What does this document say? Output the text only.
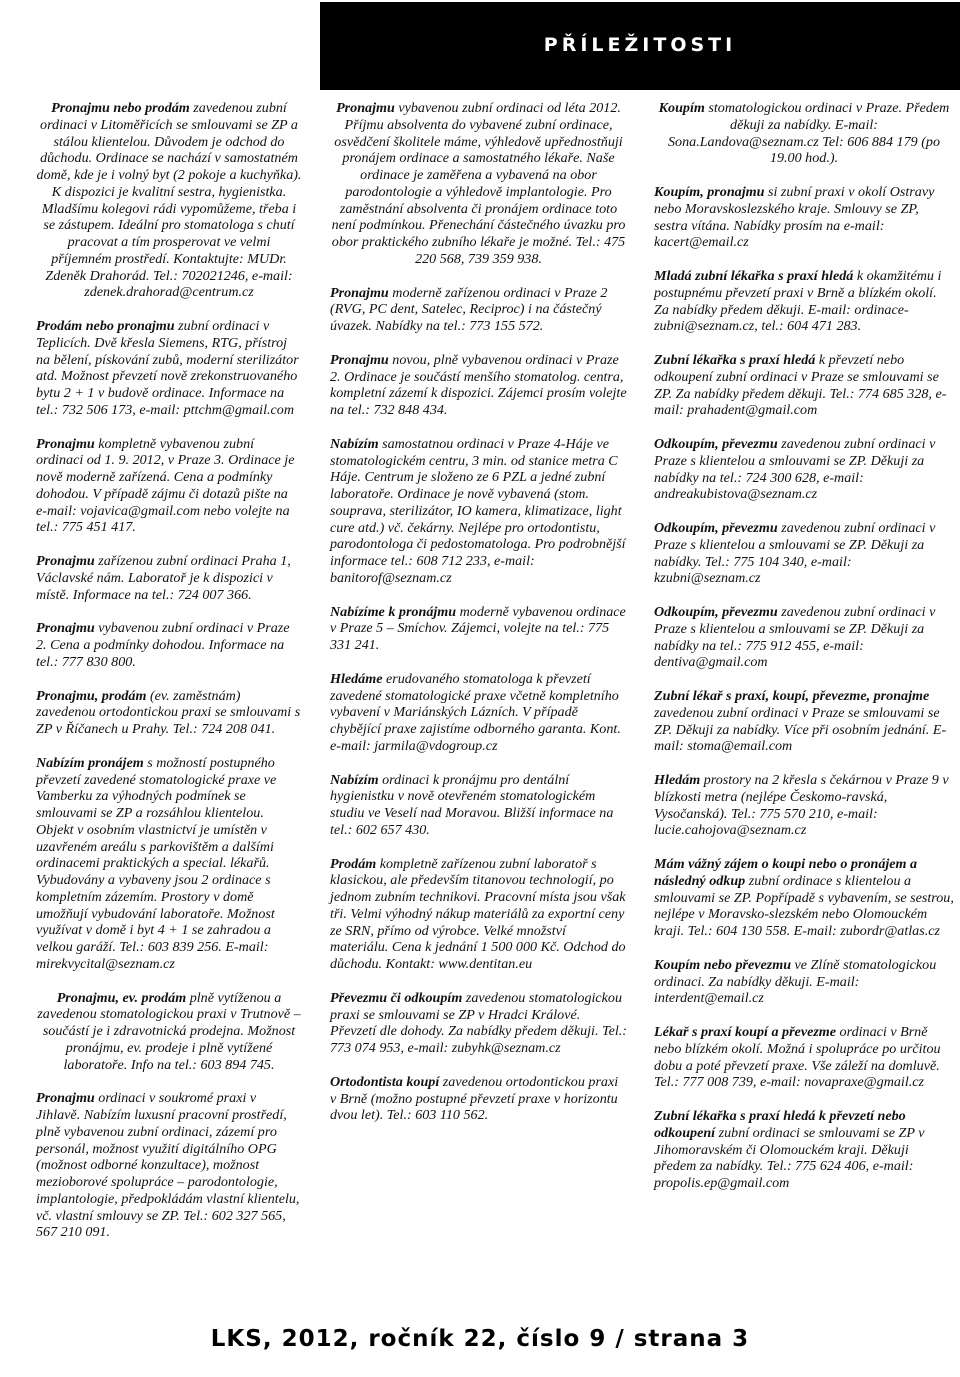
PŘÍLEŽITOSTI

Pronajmu nebo prodám zavedenou zubní ordinaci v Litoměřicích se smlouvami se ZP a stálou klientelou. Důvodem je odchod do důchodu. Ordinace se nachází v samostatném domě, kde je i volný byt (2 pokoje a kuchyňka). K dispozici je kvalitní sestra, hygienistka. Mladšímu kolegovi rádi vypomůžeme, třeba i se zástupem. Ideální pro stomatologa s chutí pracovat a tím prosperovat ve velmi příjemném prostředí. Kontaktujte: MUDr. Zdeněk Drahorád. Tel.: 702021246, e-mail: zdenek.drahorad@centrum.cz

Prodám nebo pronajmu zubní ordinaci v Teplicích. Dvě křesla Siemens, RTG, přístroj na bělení, pískování zubů, moderní sterilizátor atd. Možnost převzetí nově zrekonstruovaného bytu 2 + 1 v budově ordinace. Informace na tel.: 732 506 173, e-mail: pttchm@gmail.com

Pronajmu kompletně vybavenou zubní ordinaci od 1. 9. 2012, v Praze 3. Ordinace je nově moderně zařízená. Cena a podmínky dohodou. V případě zájmu či dotazů pište na e-mail: vojavica@gmail.com nebo volejte na tel.: 775 451 417.

Pronajmu zařízenou zubní ordinaci Praha 1, Václavské nám. Laboratoř je k dispozici v místě. Informace na tel.: 724 007 366.

Pronajmu vybavenou zubní ordinaci v Praze 2. Cena a podmínky dohodou. Informace na tel.: 777 830 800.

Pronajmu, prodám (ev. zaměstnám) zavedenou ortodontickou praxi se smlouvami s ZP v Říčanech u Prahy. Tel.: 724 208 041.

Nabízím pronájem s možností postupného převzetí zavedené stomatologické praxe ve Vamberku za výhodných podmínek se smlouvami se ZP a rozsáhlou klientelou. Objekt v osobním vlastnictví je umístěn v uzavřeném areálu s parkovištěm a dalšími ordinacemi praktických a special. lékařů. Vybudovány a vybaveny jsou 2 ordinace s kompletním zázemím. Prostory v domě umožňují vybudování laboratoře. Možnost využívat v domě i byt 4 + 1 se zahradou a velkou garáží. Tel.: 603 839 256. E-mail: mirekvycital@seznam.cz

Pronajmu, ev. prodám plně vytíženou a zavedenou stomatologickou praxi v Trutnově – součástí je i zdravotnická prodejna. Možnost pronájmu, ev. prodeje i plně vytížené laboratoře. Info na tel.: 603 894 745.

Pronajmu ordinaci v soukromé praxi v Jihlavě. Nabízím luxusní pracovní prostředí, plně vybavenou zubní ordinaci, zázemí pro personál, možnost využití digitálního OPG (možnost odborné konzultace), možnost mezioborové spolupráce – parodontologie, implantologie, předpokládám vlastní klientelu, vč. vlastní smlouvy se ZP. Tel.: 602 327 565, 567 210 091.

Pronajmu vybavenou zubní ordinaci od léta 2012. Příjmu absolventa do vybavené zubní ordinace, osvědčení školitele máme, výhledově upřednostňuji pronájem ordinace a samostatného lékaře. Naše ordinace je zaměřena a vybavená na obor parodontologie a výhledově implantologie. Pro zaměstnání absolventa či pronájem ordinace toto není podmínkou. Přenechání částečného úvazku pro obor praktického zubního lékaře je možné. Tel.: 475 220 568, 739 359 938.

Pronajmu moderně zařízenou ordinaci v Praze 2 (RVG, PC dent, Satelec, Reciproc) i na částečný úvazek. Nabídky na tel.: 773 155 572.

Pronajmu novou, plně vybavenou ordinaci v Praze 2. Ordinace je součástí menšího stomatolog. centra, kompletní zázemí k dispozici. Zájemci prosím volejte na tel.: 732 848 434.

Nabízím samostatnou ordinaci v Praze 4-Háje ve stomatologickém centru, 3 min. od stanice metra C Háje. Centrum je složeno ze 6 PZL a jedné zubní laboratoře. Ordinace je nově vybavená (stom. souprava, sterilizátor, IO kamera, klimatizace, light cure atd.) vč. čekárny. Nejlépe pro ortodontistu, parodontologa či pedostomatologa. Pro podrobnější informace tel.: 608 712 233, e-mail: banitorof@seznam.cz

Nabízíme k pronájmu moderně vybavenou ordinace v Praze 5 – Smíchov. Zájemci, volejte na tel.: 775 331 241.

Hledáme erudovaného stomatologa k převzetí zavedené stomatologické praxe včetně kompletního vybavení v Mariánských Lázních. V případě chybějící praxe zajistíme odborného garanta. Kont. e-mail: jarmila@vdogroup.cz

Nabízím ordinaci k pronájmu pro dentální hygienistku v nově otevřeném stomatologickém studiu ve Veselí nad Moravou. Bližší informace na tel.: 602 657 430.

Prodám kompletně zařízenou zubní laboratoř s klasickou, ale především titanovou technologií, po jednom zubním technikovi. Pracovní místa jsou však tři. Velmi výhodný nákup materiálů za exportní ceny ze SRN, přímo od výrobce. Velké množství materiálu. Cena k jednání 1 500 000 Kč. Odchod do důchodu. Kontakt: www.dentitan.eu

Převezmu či odkoupím zavedenou stomatologickou praxi se smlouvami se ZP v Hradci Králové. Převzetí dle dohody. Za nabídky předem děkuji. Tel.: 773 074 953, e-mail: zubyhk@seznam.cz

Ortodontista koupí zavedenou ortodontickou praxi v Brně (možno postupné převzetí praxe v horizontu dvou let). Tel.: 603 110 562.

Koupím stomatologickou ordinaci v Praze. Předem děkuji za nabídky. E-mail: Sona.Landova@seznam.cz Tel: 606 884 179 (po 19.00 hod.).

Koupím, pronajmu si zubní praxi v okolí Ostravy nebo Moravskoslezského kraje. Smlouvy se ZP, sestra vítána. Nabídky prosím na e-mail: kacert@email.cz

Mladá zubní lékařka s praxí hledá k okamžitému i postupnému převzetí praxi v Brně a blízkém okolí. Za nabídky předem děkuji. E-mail: ordinace-zubni@seznam.cz, tel.: 604 471 283.

Zubní lékařka s praxí hledá k převzetí nebo odkoupení zubní ordinaci v Praze se smlouvami se ZP. Za nabídky předem děkuji. Tel.: 774 685 328, e-mail: prahadent@gmail.com

Odkoupím, převezmu zavedenou zubní ordinaci v Praze s klientelou a smlouvami se ZP. Děkuji za nabídky na tel.: 724 300 628, e-mail: andreakubistova@seznam.cz

Odkoupím, převezmu zavedenou zubní ordinaci v Praze s klientelou a smlouvami se ZP. Děkuji za nabídky. Tel.: 775 104 340, e-mail: kzubni@seznam.cz

Odkoupím, převezmu zavedenou zubní ordinaci v Praze s klientelou a smlouvami se ZP. Děkuji za nabídky na tel.: 775 912 455, e-mail: dentiva@gmail.com

Zubní lékař s praxí, koupí, převezme, pronajme zavedenou zubní ordinaci v Praze se smlouvami se ZP. Děkuji za nabídky. Více při osobním jednání. E-mail: stoma@email.com

Hledám prostory na 2 křesla s čekárnou v Praze 9 v blízkosti metra (nejlépe Českomo-ravská, Vysočanská). Tel.: 775 570 210, e-mail: lucie.cahojova@seznam.cz

Mám vážný zájem o koupi nebo o pronájem a následný odkup zubní ordinace s klientelou a smlouvami se ZP. Popřípadě s vybavením, se sestrou, nejlépe v Moravsko-slezském nebo Olomouckém kraji. Tel.: 604 130 558. E-mail: zubordr@atlas.cz

Koupím nebo převezmu ve Zlíně stomatologickou ordinaci. Za nabídky děkuji. E-mail: interdent@email.cz

Lékař s praxí koupí a převezme ordinaci v Brně nebo blízkém okolí. Možná i spolupráce po určitou dobu a poté převzetí praxe. Vše záleží na domluvě. Tel.: 777 008 739, e-mail: novapraxe@gmail.cz

Zubní lékařka s praxí hledá k převzetí nebo odkoupení zubní ordinaci se smlouvami se ZP v Jihomoravském či Olomouckém kraji. Děkuji předem za nabídky. Tel.: 775 624 406, e-mail: propolis.ep@gmail.com

LKS, 2012, ročník 22, číslo 9 / strana 3
